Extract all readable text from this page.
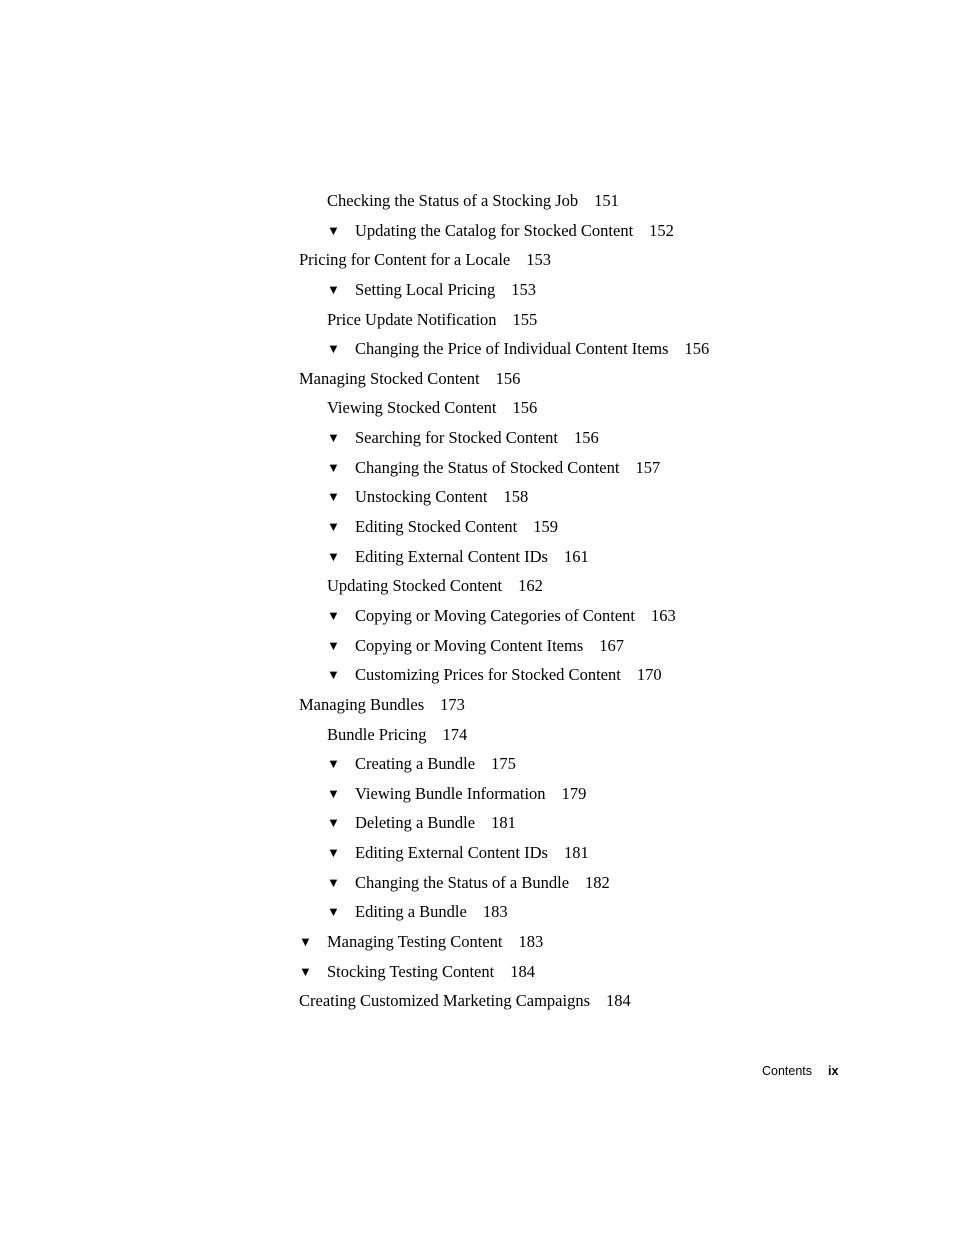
Checking the Status of a Stocking Job 151
▼ Updating the Catalog for Stocked Content 152
Pricing for Content for a Locale 153
▼ Setting Local Pricing 153
Price Update Notification 155
▼ Changing the Price of Individual Content Items 156
Managing Stocked Content 156
Viewing Stocked Content 156
▼ Searching for Stocked Content 156
▼ Changing the Status of Stocked Content 157
▼ Unstocking Content 158
▼ Editing Stocked Content 159
▼ Editing External Content IDs 161
Updating Stocked Content 162
▼ Copying or Moving Categories of Content 163
▼ Copying or Moving Content Items 167
▼ Customizing Prices for Stocked Content 170
Managing Bundles 173
Bundle Pricing 174
▼ Creating a Bundle 175
▼ Viewing Bundle Information 179
▼ Deleting a Bundle 181
▼ Editing External Content IDs 181
▼ Changing the Status of a Bundle 182
▼ Editing a Bundle 183
▼ Managing Testing Content 183
▼ Stocking Testing Content 184
Creating Customized Marketing Campaigns 184
Contents ix
